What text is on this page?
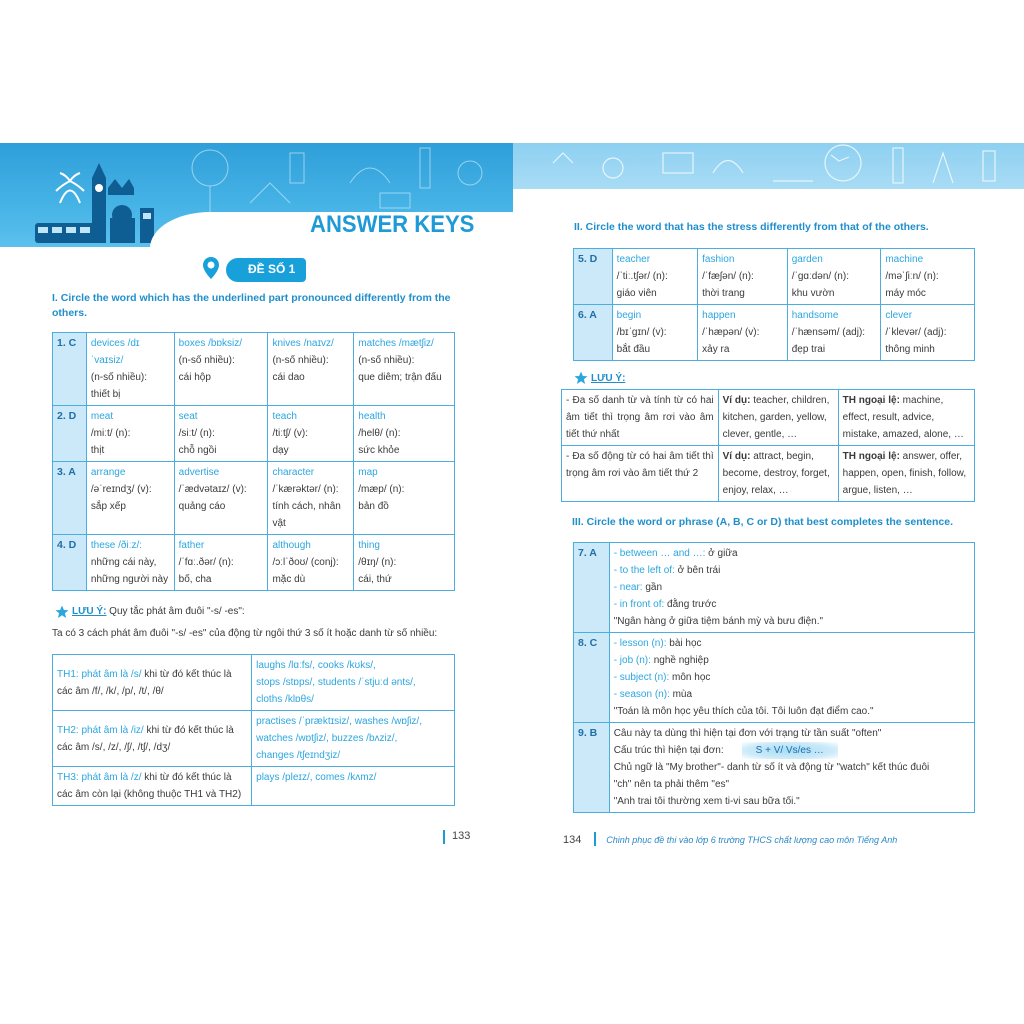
ANSWER KEYS
ĐỀ SỐ 1
I. Circle the word which has the underlined part pronounced differently from the others.
1. C	devices /dɪˈvaɪsiz/
(n-số nhiều):
thiết bị	boxes /bɒksiz/
(n-số nhiều):
cái hộp	knives /naɪvz/
(n-số nhiều):
cái dao	matches /mætʃiz/
(n-số nhiều):
que diêm; trận đấu

2. D	meat
/miːt/ (n):
thịt	seat
/siːt/ (n):
chỗ ngồi	teach
/tiːtʃ/ (v):
dạy	health
/helθ/ (n):
sức khỏe

3. A	arrange
/əˈreɪndʒ/ (v):
sắp xếp	advertise
/ˈædvətaɪz/ (v):
quảng cáo	character
/ˈkærəktər/ (n):
tính cách, nhân vật	map
/mæp/ (n):
bản đồ

4. D	these /ðiːz/:
những cái này,
những người này	father
/ˈfɑː.ðər/ (n):
bố, cha	although
/ɔːlˈðoʊ/ (conj):
mặc dù	thing
/θɪŋ/ (n):
cái, thứ
LƯU Ý: Quy tắc phát âm đuôi "-s/ -es":
Ta có 3 cách phát âm đuôi "-s/ -es" của động từ ngôi thứ 3 số ít hoặc danh từ số nhiều:
TH1: phát âm là /s/ khi từ đó kết thúc là các âm /f/, /k/, /p/, /t/, /θ/	laughs /lɑːfs/, cooks /kʊks/,
stops /stɒps/, students /ˈstjuːd ənts/,
cloths /klɒθs/

TH2: phát âm là /iz/ khi từ đó kết thúc là các âm /s/, /z/, /ʃ/, /tʃ/, /dʒ/	practises /ˈpræktɪsiz/, washes /wɒʃiz/,
watches /wɒtʃiz/, buzzes /bʌziz/,
changes /tʃeɪndʒiz/

TH3: phát âm là /z/ khi từ đó kết thúc là các âm còn lại (không thuộc TH1 và TH2)	plays /pleɪz/, comes /kʌmz/
133
II. Circle the word that has the stress differently from that of the others.
5. D	teacher
/ˈtiː.tʃər/ (n):
giáo viên	fashion
/ˈfæʃən/ (n):
thời trang	garden
/ˈɡɑːdən/ (n):
khu vườn	machine
/məˈʃiːn/ (n):
máy móc

6. A	begin
/bɪˈɡɪn/ (v):
bắt đầu	happen
/ˈhæpən/ (v):
xảy ra	handsome
/ˈhænsəm/ (adj):
đẹp trai	clever
/ˈklevər/ (adj):
thông minh
LƯU Ý:
- Đa số danh từ và tính từ có hai âm tiết thì trọng âm rơi vào âm tiết thứ nhất	Ví dụ: teacher, children, kitchen, garden, yellow, clever, gentle, …	TH ngoại lệ: machine, effect, result, advice, mistake, amazed, alone, …
- Đa số động từ có hai âm tiết thì trọng âm rơi vào âm tiết thứ 2	Ví dụ: attract, begin, become, destroy, forget, enjoy, relax, …	TH ngoại lệ: answer, offer, happen, open, finish, follow, argue, listen, …
III. Circle the word or phrase (A, B, C or D) that best completes the sentence.
7. A	- between … and …: ở giữa
- to the left of: ở bên trái
- near: gần
- in front of: đằng trước
"Ngân hàng ở giữa tiệm bánh mỳ và bưu điện."

8. C	- lesson (n): bài học
- job (n): nghề nghiệp
- subject (n): môn học
- season (n): mùa
"Toán là môn học yêu thích của tôi. Tôi luôn đạt điểm cao."

9. B	Câu này ta dùng thì hiện tại đơn với trạng từ tần suất "often"
Cấu trúc thì hiện tại đơn: S + V/ Vs/es …
Chủ ngữ là "My brother"- danh từ số ít và động từ "watch" kết thúc đuôi
"ch" nên ta phải thêm "es"
"Anh trai tôi thường xem ti-vi sau bữa tối."
134	Chinh phục đề thi vào lớp 6 trường THCS chất lượng cao môn Tiếng Anh
